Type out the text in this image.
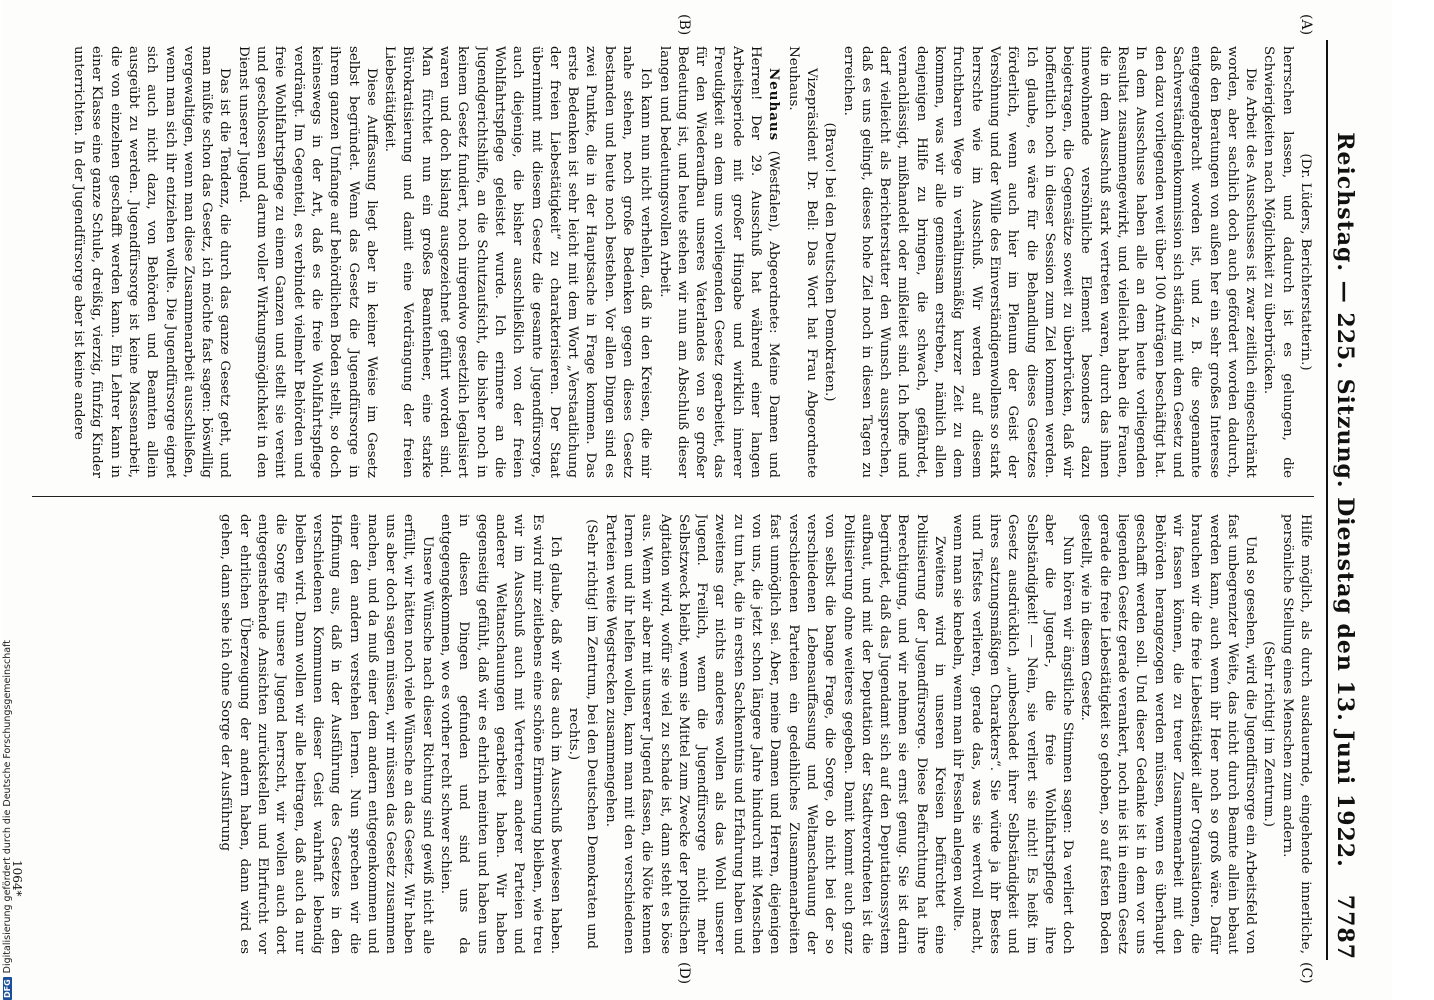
Reichstag. — 225. Sitzung. Dienstag den 13. Juni 1922.
7787
(A)
(B)
(C)
(D)

(Dr. Lüders, Berichterstatterin.)

herrschen lassen, und dadurch ist es gelungen, die Schwierigkeiten nach Möglichkeit zu überbrücken.

Die Arbeit des Ausschusses ist zwar zeitlich eingeschränkt worden, aber sachlich doch auch gefördert worden dadurch, daß den Beratungen von außen her ein sehr großes Interesse entgegengebracht worden ist, und z. B. die sogenannte Sachverständigenkommission sich ständig mit dem Gesetz und den dazu vorliegenden weit über 100 Anträgen beschäftigt hat. In dem Ausschusse haben alle an dem heute vorliegenden Resultat zusammengewirkt, und vielleicht haben die Frauen, die in dem Ausschuß stark vertreten waren, durch das ihnen innewohnende versöhnliche Element besonders dazu beigetragen, die Gegensätze soweit zu überbrücken, daß wir hoffentlich noch in dieser Session zum Ziel kommen werden. Ich glaube, es wäre für die Behandlung dieses Gesetzes förderlich, wenn auch hier im Plenum der Geist der Versöhnung und der Wille des Einverständigenwollens so stark herrschte wie im Ausschuß. Wir werden auf diesem fruchtbaren Wege in verhältnismäßig kurzer Zeit zu dem kommen, was wir alle gemeinsam erstreben, nämlich allen denjenigen Hilfe zu bringen, die schwach, gefährdet, vernachlässigt, mißhandelt oder mißleitet sind. Ich hoffe und darf vielleicht als Berichterstatter den Wunsch aussprechen, daß es uns gelingt, dieses hohe Ziel noch in diesen Tagen zu erreichen.

(Bravo! bei den Deutschen Demokraten.)

Vizepräsident Dr. Bell: Das Wort hat Frau Abgeordnete Neuhaus.

Neuhaus (Westfalen), Abgeordnete: Meine Damen und Herren! Der 29. Ausschuß hat während einer langen Arbeitsperiode mit großer Hingabe und wirklich innerer Freudigkeit an dem uns vorliegenden Gesetz gearbeitet, das für den Wiederaufbau unseres Vaterlandes von so großer Bedeutung ist, und heute stehen wir nun am Abschluß dieser langen und bedeutungsvollen Arbeit.

Ich kann nun nicht verhehlen, daß in den Kreisen, die mir nahe stehen, noch große Bedenken gegen dieses Gesetz bestanden und heute noch bestehen. Vor allen Dingen sind es zwei Punkte, die in der Hauptsache in Frage kommen. Das erste Bedenken ist sehr leicht mit dem Wort „Verstaatlichung der freien Liebestätigkeit“ zu charakterisieren. Der Staat übernimmt mit diesem Gesetz die gesamte Jugendfürsorge, auch diejenige, die bisher ausschließlich von der freien Wohlfahrtspflege geleistet wurde. Ich erinnere an die Jugendgerichtshilfe, an die Schutzaufsicht, die bisher noch in keinem Gesetz fundiert, noch nirgendwo gesetzlich legalisiert waren und doch bislang ausgezeichnet geführt worden sind. Man fürchtet nun ein großes Beamtenheer, eine starke Bürokratisierung und damit eine Verdrängung der freien Liebestätigkeit.

Diese Auffassung liegt aber in keiner Weise im Gesetz selbst begründet. Wenn das Gesetz die Jugendfürsorge in ihrem ganzen Umfange auf behördlichen Boden stellt, so doch keineswegs in der Art, daß es die freie Wohlfahrtspflege verdrängt. Im Gegenteil, es verbindet vielmehr Behörden und freie Wohlfahrtspflege zu einem Ganzen und stellt sie vereint und geschlossen und darum voller Wirkungsmöglichkeit in den Dienst unserer Jugend.

Das ist die Tendenz, die durch das ganze Gesetz geht, und man müßte schon das Gesetz, ich möchte fast sagen: böswillig vergewaltigen, wenn man diese Zusammenarbeit ausschließen, wenn man sich ihr entziehen wollte. Die Jugendfürsorge eignet sich auch nicht dazu, von Behörden und Beamten allein ausgeübt zu werden. Jugendfürsorge ist keine Massenarbeit, die von einzelnen geschafft werden kann. Ein Lehrer kann in einer Klasse eine ganze Schule, dreißig, vierzig, fünfzig Kinder unterrichten. In der Jugendfürsorge aber ist keine andere

Hilfe möglich, als durch ausdauernde, eingehende innerliche, persönliche Stellung eines Menschen zum andern.

(Sehr richtig! im Zentrum.)

Und so gesehen, wird die Jugendfürsorge ein Arbeitsfeld von fast unbegrenzter Weite, das nicht durch Beamte allein bebaut werden kann, auch wenn ihr Heer noch so groß wäre. Dafür brauchen wir die freie Liebestätigkeit aller Organisationen, die wir fassen können, die zu treuer Zusammenarbeit mit den Behörden herangezogen werden müssen, wenn es überhaupt geschafft werden soll. Und dieser Gedanke ist in dem vor uns liegenden Gesetz gerade verankert, noch nie ist in einem Gesetz gerade die freie Liebestätigkeit so gehoben, so auf festen Boden gestellt, wie in diesem Gesetz.

Nun hören wir ängstliche Stimmen sagen: Da verliert doch aber die Jugend-, die freie Wohlfahrtspflege ihre Selbständigkeit! — Nein, sie verliert sie nicht! Es heißt im Gesetz ausdrücklich „unbeschadet ihrer Selbständigkeit und ihres satzungsmäßigen Charakters“. Sie würde ja ihr Bestes und Tiefstes verlieren, gerade das, was sie wertvoll macht, wenn man sie knebeln, wenn man ihr Fesseln anlegen wollte.

Zweitens wird in unseren Kreisen befürchtet eine Politisierung der Jugendfürsorge. Diese Befürchtung hat ihre Berechtigung, und wir nehmen sie ernst genug. Sie ist darin begründet, daß das Jugendamt sich auf den Deputationssystem aufbaut, und mit der Deputation der Stadtverordneten ist die Politisierung ohne weiteres gegeben. Damit kommt auch ganz von selbst die bange Frage, die Sorge, ob nicht bei der so verschiedenen Lebensauffassung und Weltanschauung der verschiedenen Parteien ein gedeihliches Zusammenarbeiten fast unmöglich sei. Aber, meine Damen und Herren, diejenigen von uns, die jetzt schon längere Jahre hindurch mit Menschen zu tun hat, die in ersten Sachkenntnis und Erfahrung haben und zweitens gar nichts anderes wollen als das Wohl unserer Jugend. Freilich, wenn die Jugendfürsorge nicht mehr Selbstzweck bleibt, wenn sie Mittel zum Zwecke der politischen Agitation wird, wofür sie viel zu schade ist, dann steht es böse aus. Wenn wir aber mit unserer Jugend fassen, die Nöte kennen lernen und ihr helfen wollen, kann man mit den verschiedenen Parteien weite Wegstrecken zusammengehen.

(Sehr richtig! im Zentrum, bei den Deutschen Demokraten und rechts.)

Ich glaube, daß wir das auch im Ausschuß bewiesen haben. Es wird mir zeitlebens eine schöne Erinnerung bleiben, wie treu wir im Ausschuß auch mit Vertretern anderer Parteien und anderer Weltanschauungen gearbeitet haben. Wir haben gegenseitig gefühlt, daß wir es ehrlich meinten und haben uns in diesen Dingen gefunden und sind uns da entgegengekommen, wo es vorher recht schwer schien.

Unsere Wünsche nach dieser Richtung sind gewiß nicht alle erfüllt, wir hätten noch viele Wünsche an das Gesetz. Wir haben uns aber doch sagen müssen, wir müssen das Gesetz zusammen machen, und da muß einer dem andern entgegenkommen und einer den andern verstehen lernen. Nun sprechen wir die Hoffnung aus, daß in der Ausführung des Gesetzes in den verschiedenen Kommunen dieser Geist wahrhaft lebendig bleiben wird. Dann wollen wir alle beitragen, daß auch da nur die Sorge für unsere Jugend herrscht, wir wollen auch dort entgegenstehende Ansichten zurückstellen und Ehrfurcht vor der ehrlichen Überzeugung der andern haben, dann wird es gehen, dann sehe ich ohne Sorge der Ausführung

1064*
DFG
Digitalisierung gefördert durch die Deutsche Forschungsgemeinschaft
